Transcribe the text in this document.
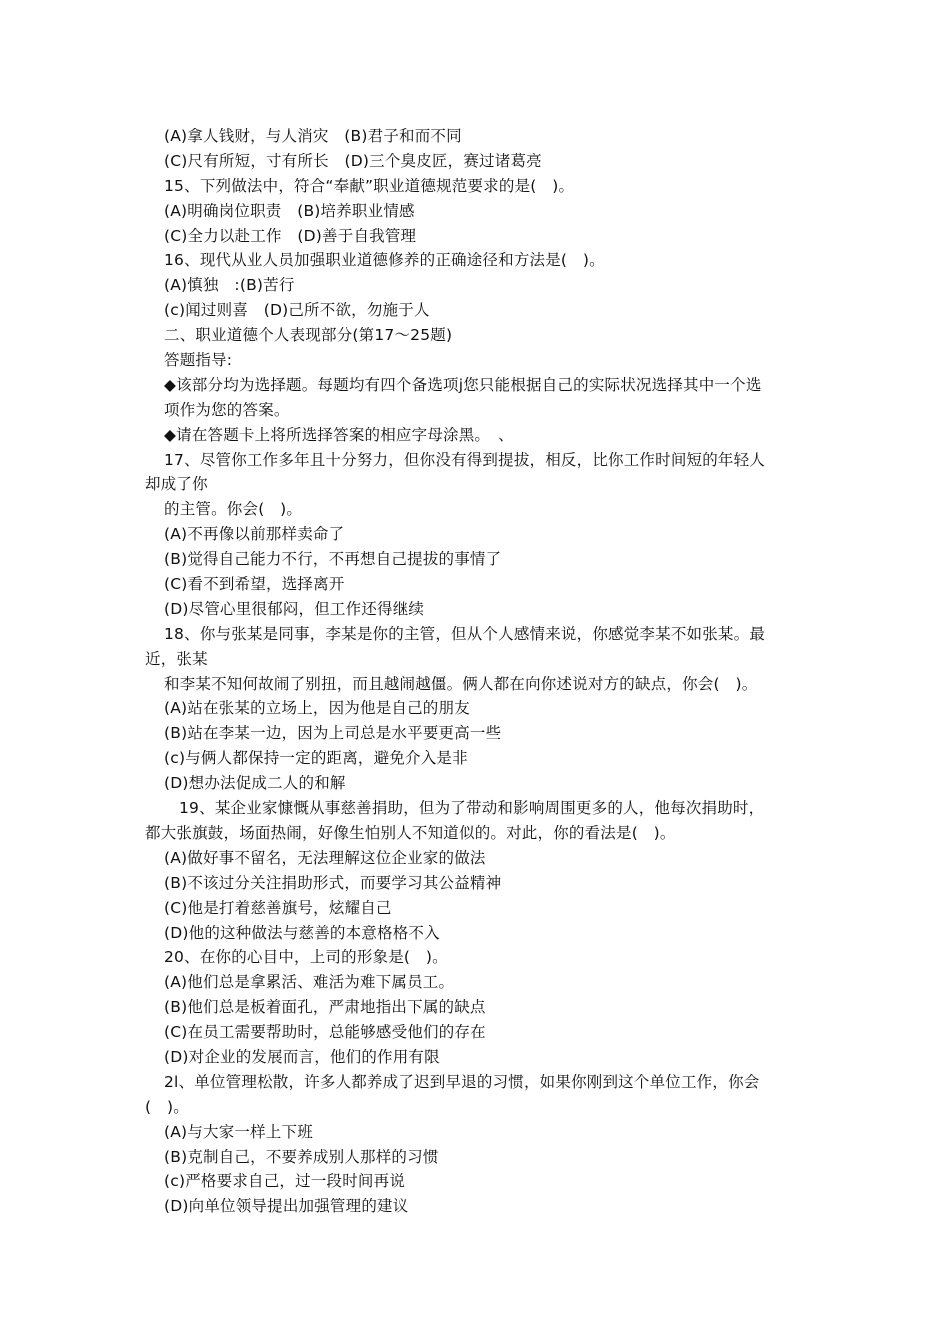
(A)拿人钱财，与人消灾　(B)君子和而不同
(C)尺有所短，寸有所长　(D)三个臭皮匠，赛过诸葛亮
15、下列做法中，符合“奉献”职业道德规范要求的是(　)。
(A)明确岗位职责　(B)培养职业情感
(C)全力以赴工作　(D)善于自我管理
16、现代从业人员加强职业道德修养的正确途径和方法是(　)。
(A)慎独　:(B)苦行
(c)闻过则喜　(D)己所不欲，勿施于人
二、职业道德个人表现部分(第17～25题)
答题指导:
◆该部分均为选择题。每题均有四个备选项j您只能根据自己的实际状况选择其中一个选
项作为您的答案。
◆请在答题卡上将所选择答案的相应字母涂黑。　、
17、尽管你工作多年且十分努力，但你没有得到提拔，相反，比你工作时间短的年轻人
却成了你
的主管。你会(　)。
(A)不再像以前那样卖命了
(B)觉得自己能力不行，不再想自己提拔的事情了
(C)看不到希望，选择离开
(D)尽管心里很郁闷，但工作还得继续
18、你与张某是同事，李某是你的主管，但从个人感情来说，你感觉李某不如张某。最
近，张某
和李某不知何故闹了别扭，而且越闹越僵。俩人都在向你述说对方的缺点，你会(　)。
(A)站在张某的立场上，因为他是自己的朋友
(B)站在李某一边，因为上司总是水平要更高一些
(c)与俩人都保持一定的距离，避免介入是非
(D)想办法促成二人的和解
19、某企业家慷慨从事慈善捐助，但为了带动和影响周围更多的人，他每次捐助时，
都大张旗鼓，场面热闹，好像生怕别人不知道似的。对此，你的看法是(　)。
(A)做好事不留名，无法理解这位企业家的做法
(B)不该过分关注捐助形式，而要学习其公益精神
(C)他是打着慈善旗号，炫耀自己
(D)他的这种做法与慈善的本意格格不入
20、在你的心目中，上司的形象是(　)。
(A)他们总是拿累活、难活为难下属员工。
(B)他们总是板着面孔，严肃地指出下属的缺点
(C)在员工需要帮助时，总能够感受他们的存在
(D)对企业的发展而言，他们的作用有限
2l、单位管理松散，许多人都养成了迟到早退的习惯，如果你刚到这个单位工作，你会
(　)。
(A)与大家一样上下班
(B)克制自己，不要养成别人那样的习惯
(c)严格要求自己，过一段时间再说
(D)向单位领导提出加强管理的建议
